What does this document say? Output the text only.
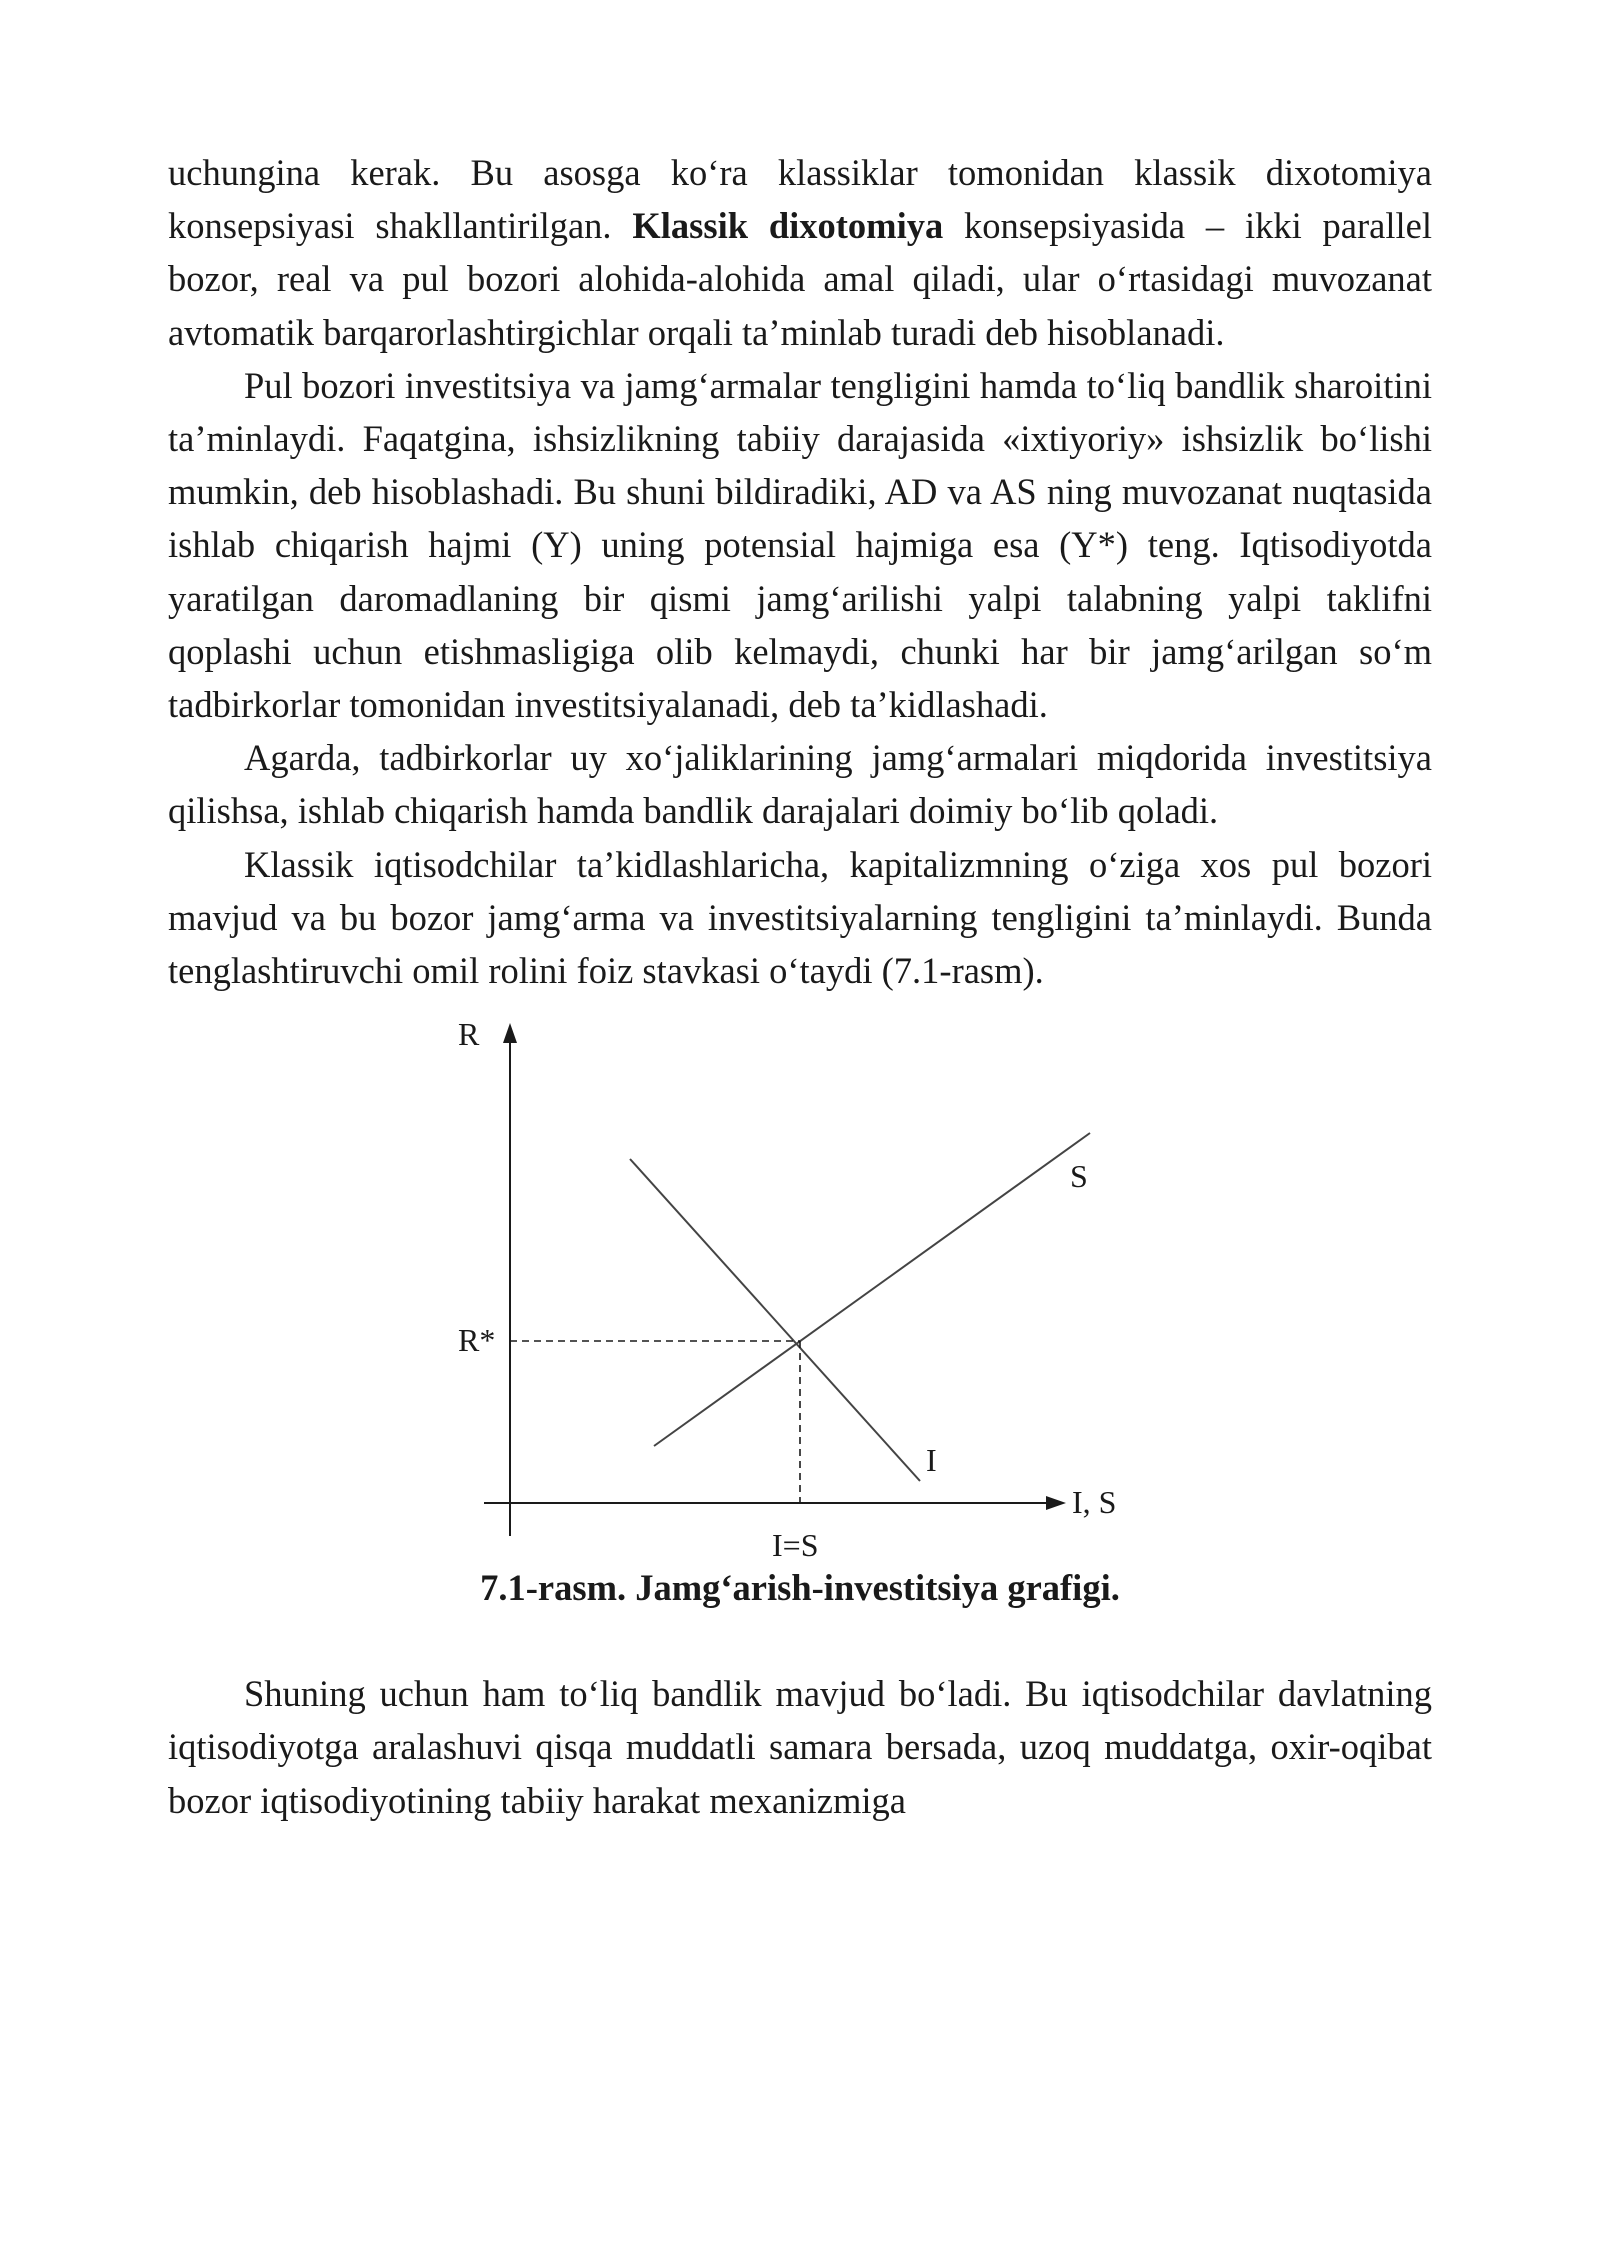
uchungina kerak. Bu asosga ko‘ra klassiklar tomonidan klassik dixotomiya konsepsiyasi shakllantirilgan. Klassik dixotomiya konsepsiyasida – ikki parallel bozor, real va pul bozori alohida-alohida amal qiladi, ular o‘rtasidagi muvozanat avtomatik barqarorlashtirgichlar orqali ta’minlab turadi deb hisoblanadi.

Pul bozori investitsiya va jamg‘armalar tengligini hamda to‘liq bandlik sharoitini ta’minlaydi. Faqatgina, ishsizlikning tabiiy darajasida «ixtiyoriy» ishsizlik bo‘lishi mumkin, deb hisoblashadi. Bu shuni bildiradiki, AD va AS ning muvozanat nuqtasida ishlab chiqarish hajmi (Y) uning potensial hajmiga esa (Y*) teng. Iqtisodiyotda yaratilgan daromadlaning bir qismi jamg‘arilishi yalpi talabning yalpi taklifni qoplashi uchun etishmasligiga olib kelmaydi, chunki har bir jamg‘arilgan so‘m tadbirkorlar tomonidan investitsiyalanadi, deb ta’kidlashadi.

Agarda, tadbirkorlar uy xo‘jaliklarining jamg‘armalari miqdorida investitsiya qilishsa, ishlab chiqarish hamda bandlik darajalari doimiy bo‘lib qoladi.

Klassik iqtisodchilar ta’kidlashlaricha, kapitalizmning o‘ziga xos pul bozori mavjud va bu bozor jamg‘arma va investitsiyalarning tengligini ta’minlaydi. Bunda tenglashtiruvchi omil rolini foiz stavkasi o‘taydi (7.1-rasm).

R
R*
I, S
I=S
S
I

7.1-rasm. Jamg‘arish-investitsiya grafigi.

Shuning uchun ham to‘liq bandlik mavjud bo‘ladi. Bu iqtisodchilar davlatning iqtisodiyotga aralashuvi qisqa muddatli samara bersada, uzoq muddatga, oxir-oqibat bozor iqtisodiyotining tabiiy harakat mexanizmiga
